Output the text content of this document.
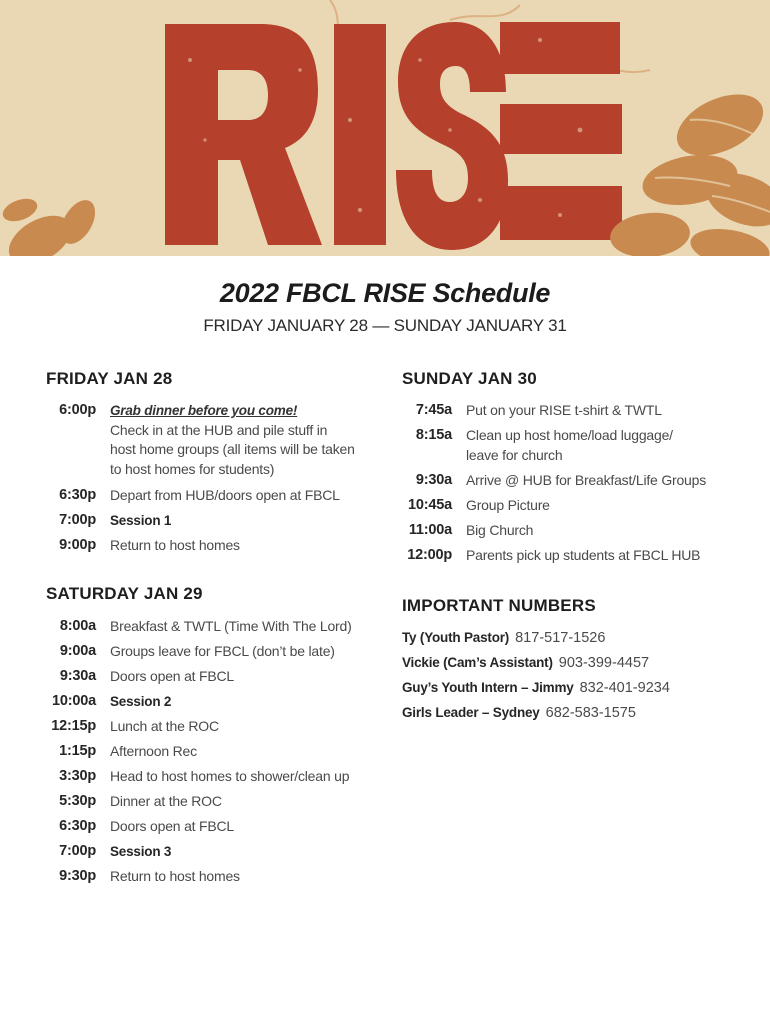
2022 FBCL RISE Schedule
FRIDAY JANUARY 28 — SUNDAY JANUARY 31
FRIDAY JAN 28
6:00p Grab dinner before you come!
Check in at the HUB and pile stuff in
host home groups (all items will be taken
to host homes for students)
6:30p Depart from HUB/doors open at FBCL
7:00p Session 1
9:00p Return to host homes
SATURDAY JAN 29
8:00a Breakfast & TWTL (Time With The Lord)
9:00a Groups leave for FBCL (don’t be late)
9:30a Doors open at FBCL
10:00a Session 2
12:15p Lunch at the ROC
1:15p Afternoon Rec
3:30p Head to host homes to shower/clean up
5:30p Dinner at the ROC
6:30p Doors open at FBCL
7:00p Session 3
9:30p Return to host homes
SUNDAY JAN 30
7:45a Put on your RISE t-shirt & TWTL
8:15a Clean up host home/load luggage/
leave for church
9:30a Arrive @ HUB for Breakfast/Life Groups
10:45a Group Picture
11:00a Big Church
12:00p Parents pick up students at FBCL HUB
IMPORTANT NUMBERS
Ty (Youth Pastor) 817-517-1526
Vickie (Cam’s Assistant) 903-399-4457
Guy’s Youth Intern – Jimmy 832-401-9234
Girls Leader – Sydney 682-583-1575
